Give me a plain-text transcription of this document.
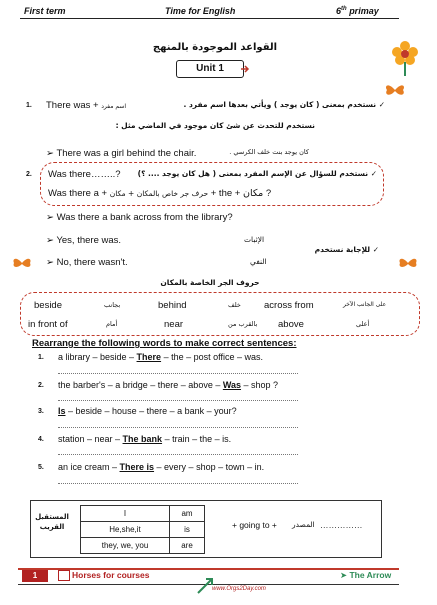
First term	Time for English	6th primay
القواعد الموجودة بالمنهج
Unit 1
1. There was + اسم مفرد	✓ نستخدم بمعنى ( كان يوجد ) ويأتي بعدها اسم مفرد .
نستخدم للتحدث عن شئ كان موجود في الماضي مثل :
➢ There was a girl behind the chair.	كان يوجد بنت خلف الكرسي .
2. Was there……..?	✓ نستخدم للسؤال عن الإسم المفرد بمعنى ( هل كان يوجد .... ؟)
Was there a + حرف جر خاص بالمكان + مكان + the + مكان ?
➢ Was there a bank across from the library?
➢ Yes, there was.	الإثبات
➢ No, there wasn't.	النفي
✓ للإجابة نستخدم
حروف الجر الخاصة بالمكان
beside	بجانب	behind	خلف across from	على الجانب الآخر
in front of	أمام	near	بالقرب من above	أعلى
Rearrange the following words to make correct sentences:
1. a library – beside – There – the – post office – was.
2. the barber's – a bridge – there – above – Was – shop ?
3. Is – beside – house – there – a bank – your?
4. station – near – The bank – train – the – is.
5. an ice cream – There is – every – shop – town – in.
المستقبل القريب
I	am
He,she,it	is
they, we, you	are
+ going to + المصدر ……………
1	Horses for courses
www.Orgs2Day.com
➤ The Arrow
